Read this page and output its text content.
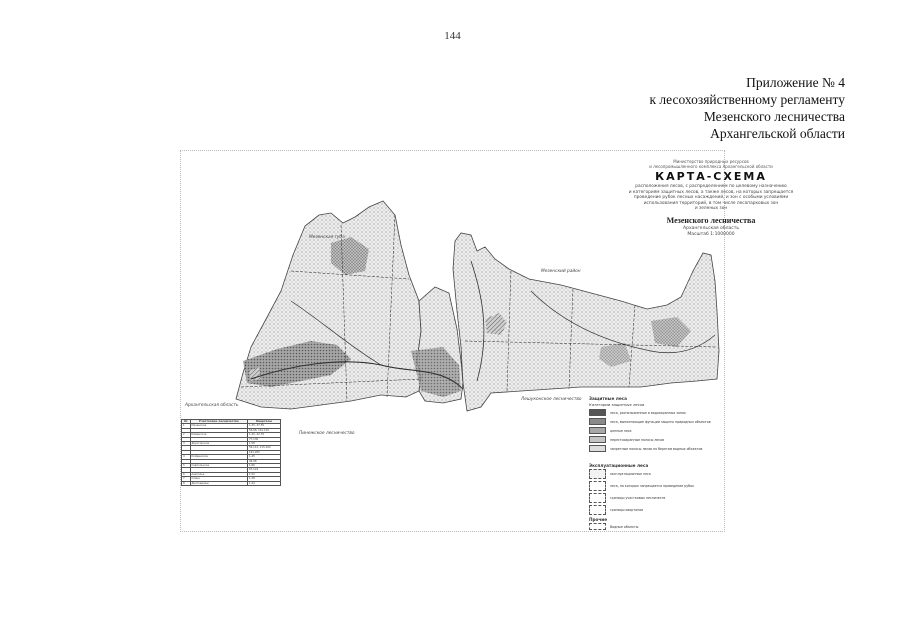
144
Приложение № 4
к лесохозяйственному регламенту
Мезенского лесничества
Архангельской области
Министерство природных ресурсов
и лесопромышленного комплекса Архангельской области
КАРТА-СХЕМА
расположения лесов, с распределением по целевому назначению
и категориям защитных лесов, а также лесов, на которых запрещается
проведение рубок лесных насаждений, и зон с особыми условиями
использования территорий, в том числе лесопарковых зон
и зеленых зон
Мезенского лесничества
Архангельская область
Масштаб 1:1000000
Мезенская губа
Мезенский район
Архангельская область
Пинежское лесничество
Лешуконское лесничество
№	Участковое лесничество	Кварталы
1	Мезенское	1-35, 37-55
		56-98, 101-120
2	Каменское	1-40, 42-76
		77-130
3	Дорогорское	1-58
		59-112, 115-160
		161-205
4	Койденское	1-45
		46-98
5	Совпольское	1-66
		67-124
6	Азаполье	1-52
7	Сояна	1-38
8	Долгощелье	1-44
Защитные леса
Категории защитных лесов
леса, расположенные в водоохранных зонах
леса, выполняющие функции защиты природных объектов
ценные леса
нерестоохранные полосы лесов
запретные полосы лесов по берегам водных объектов
Эксплуатационные леса
эксплуатационные леса
леса, на которых запрещается проведение рубок
границы участковых лесничеств
границы кварталов
Прочие
Водные объекты
